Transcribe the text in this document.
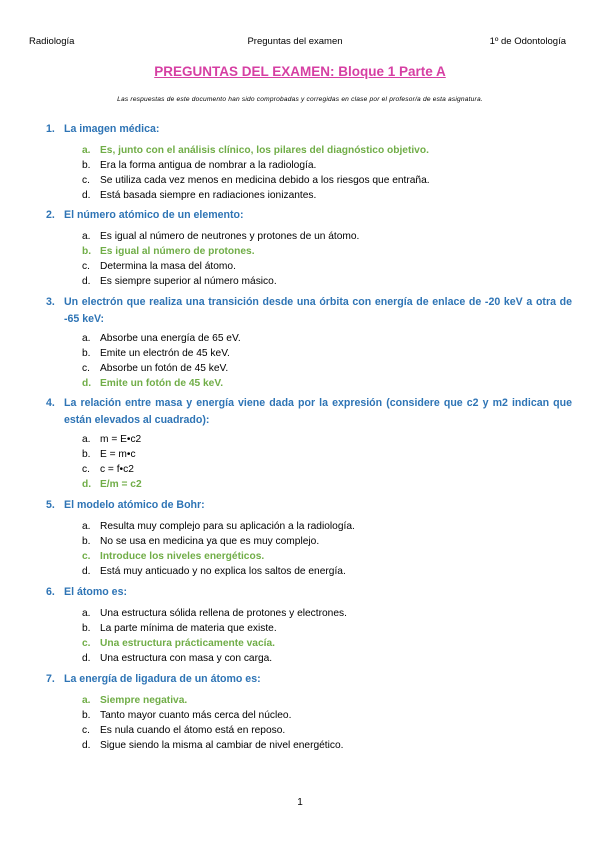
Radiología	Preguntas del examen	1º de Odontología
PREGUNTAS DEL EXAMEN: Bloque 1 Parte A
Las respuestas de este documento han sido comprobadas y corregidas en clase por el profesor/a de esta asignatura.
1. La imagen médica:
a. Es, junto con el análisis clínico, los pilares del diagnóstico objetivo.
b. Era la forma antigua de nombrar a la radiología.
c. Se utiliza cada vez menos en medicina debido a los riesgos que entraña.
d. Está basada siempre en radiaciones ionizantes.
2. El número atómico de un elemento:
a. Es igual al número de neutrones y protones de un átomo.
b. Es igual al número de protones.
c. Determina la masa del átomo.
d. Es siempre superior al número másico.
3. Un electrón que realiza una transición desde una órbita con energía de enlace de -20 keV a otra de -65 keV:
a. Absorbe una energía de 65 eV.
b. Emite un electrón de 45 keV.
c. Absorbe un fotón de 45 keV.
d. Emite un fotón de 45 keV.
4. La relación entre masa y energía viene dada por la expresión (considere que c2 y m2 indican que están elevados al cuadrado):
a. m = E•c2
b. E = m•c
c. c = f•c2
d. E/m = c2
5. El modelo atómico de Bohr:
a. Resulta muy complejo para su aplicación a la radiología.
b. No se usa en medicina ya que es muy complejo.
c. Introduce los niveles energéticos.
d. Está muy anticuado y no explica los saltos de energía.
6. El átomo es:
a. Una estructura sólida rellena de protones y electrones.
b. La parte mínima de materia que existe.
c. Una estructura prácticamente vacía.
d. Una estructura con masa y con carga.
7. La energía de ligadura de un átomo es:
a. Siempre negativa.
b. Tanto mayor cuanto más cerca del núcleo.
c. Es nula cuando el átomo está en reposo.
d. Sigue siendo la misma al cambiar de nivel energético.
1
